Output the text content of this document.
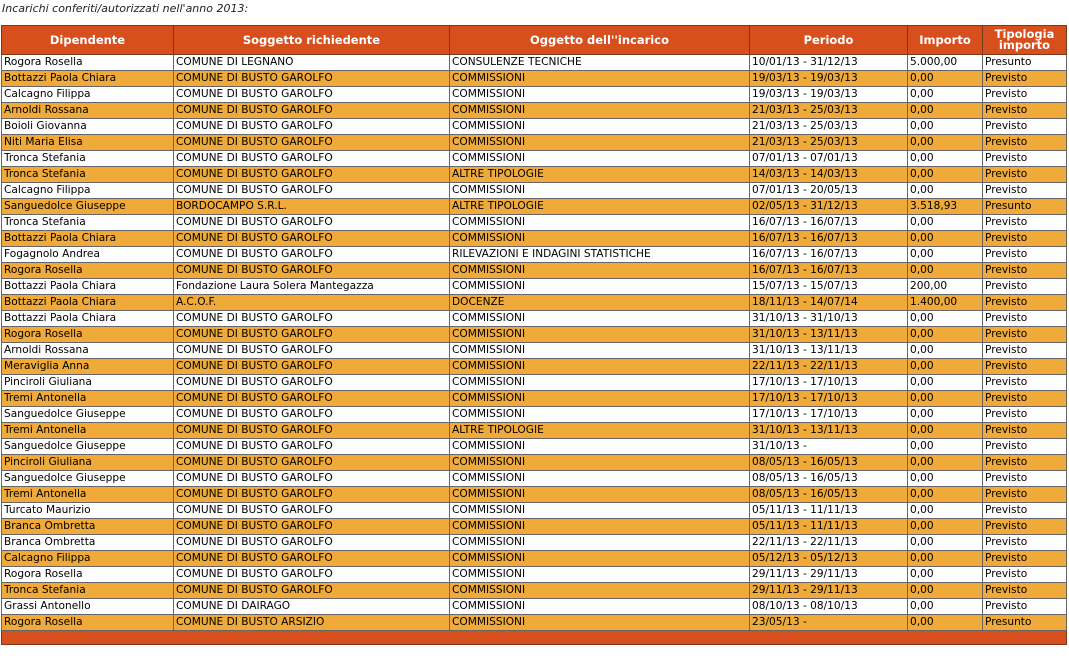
Incarichi conferiti/autorizzati nell'anno 2013:
Dipendente	Soggetto richiedente	Oggetto dell''incarico	Periodo	Importo	Tipologia importo
Rogora Rosella	COMUNE DI LEGNANO	CONSULENZE TECNICHE	10/01/13 - 31/12/13	5.000,00	Presunto
Bottazzi Paola Chiara	COMUNE DI BUSTO GAROLFO	COMMISSIONI	19/03/13 - 19/03/13	0,00	Previsto
Calcagno Filippa	COMUNE DI BUSTO GAROLFO	COMMISSIONI	19/03/13 - 19/03/13	0,00	Previsto
Arnoldi Rossana	COMUNE DI BUSTO GAROLFO	COMMISSIONI	21/03/13 - 25/03/13	0,00	Previsto
Boioli Giovanna	COMUNE DI BUSTO GAROLFO	COMMISSIONI	21/03/13 - 25/03/13	0,00	Previsto
Niti Maria Elisa	COMUNE DI BUSTO GAROLFO	COMMISSIONI	21/03/13 - 25/03/13	0,00	Previsto
Tronca Stefania	COMUNE DI BUSTO GAROLFO	COMMISSIONI	07/01/13 - 07/01/13	0,00	Previsto
Tronca Stefania	COMUNE DI BUSTO GAROLFO	ALTRE TIPOLOGIE	14/03/13 - 14/03/13	0,00	Previsto
Calcagno Filippa	COMUNE DI BUSTO GAROLFO	COMMISSIONI	07/01/13 - 20/05/13	0,00	Previsto
Sanguedolce Giuseppe	BORDOCAMPO S.R.L.	ALTRE TIPOLOGIE	02/05/13 - 31/12/13	3.518,93	Presunto
Tronca Stefania	COMUNE DI BUSTO GAROLFO	COMMISSIONI	16/07/13 - 16/07/13	0,00	Previsto
Bottazzi Paola Chiara	COMUNE DI BUSTO GAROLFO	COMMISSIONI	16/07/13 - 16/07/13	0,00	Previsto
Fogagnolo Andrea	COMUNE DI BUSTO GAROLFO	RILEVAZIONI E INDAGINI STATISTICHE	16/07/13 - 16/07/13	0,00	Previsto
Rogora Rosella	COMUNE DI BUSTO GAROLFO	COMMISSIONI	16/07/13 - 16/07/13	0,00	Previsto
Bottazzi Paola Chiara	Fondazione Laura Solera Mantegazza	COMMISSIONI	15/07/13 - 15/07/13	200,00	Previsto
Bottazzi Paola Chiara	A.C.O.F.	DOCENZE	18/11/13 - 14/07/14	1.400,00	Previsto
Bottazzi Paola Chiara	COMUNE DI BUSTO GAROLFO	COMMISSIONI	31/10/13 - 31/10/13	0,00	Previsto
Rogora Rosella	COMUNE DI BUSTO GAROLFO	COMMISSIONI	31/10/13 - 13/11/13	0,00	Previsto
Arnoldi Rossana	COMUNE DI BUSTO GAROLFO	COMMISSIONI	31/10/13 - 13/11/13	0,00	Previsto
Meraviglia Anna	COMUNE DI BUSTO GAROLFO	COMMISSIONI	22/11/13 - 22/11/13	0,00	Previsto
Pinciroli Giuliana	COMUNE DI BUSTO GAROLFO	COMMISSIONI	17/10/13 - 17/10/13	0,00	Previsto
Tremi Antonella	COMUNE DI BUSTO GAROLFO	COMMISSIONI	17/10/13 - 17/10/13	0,00	Previsto
Sanguedolce Giuseppe	COMUNE DI BUSTO GAROLFO	COMMISSIONI	17/10/13 - 17/10/13	0,00	Previsto
Tremi Antonella	COMUNE DI BUSTO GAROLFO	ALTRE TIPOLOGIE	31/10/13 - 13/11/13	0,00	Previsto
Sanguedolce Giuseppe	COMUNE DI BUSTO GAROLFO	COMMISSIONI	31/10/13 -	0,00	Previsto
Pinciroli Giuliana	COMUNE DI BUSTO GAROLFO	COMMISSIONI	08/05/13 - 16/05/13	0,00	Previsto
Sanguedolce Giuseppe	COMUNE DI BUSTO GAROLFO	COMMISSIONI	08/05/13 - 16/05/13	0,00	Previsto
Tremi Antonella	COMUNE DI BUSTO GAROLFO	COMMISSIONI	08/05/13 - 16/05/13	0,00	Previsto
Turcato Maurizio	COMUNE DI BUSTO GAROLFO	COMMISSIONI	05/11/13 - 11/11/13	0,00	Previsto
Branca Ombretta	COMUNE DI BUSTO GAROLFO	COMMISSIONI	05/11/13 - 11/11/13	0,00	Previsto
Branca Ombretta	COMUNE DI BUSTO GAROLFO	COMMISSIONI	22/11/13 - 22/11/13	0,00	Previsto
Calcagno Filippa	COMUNE DI BUSTO GAROLFO	COMMISSIONI	05/12/13 - 05/12/13	0,00	Previsto
Rogora Rosella	COMUNE DI BUSTO GAROLFO	COMMISSIONI	29/11/13 - 29/11/13	0,00	Previsto
Tronca Stefania	COMUNE DI BUSTO GAROLFO	COMMISSIONI	29/11/13 - 29/11/13	0,00	Previsto
Grassi Antonello	COMUNE DI DAIRAGO	COMMISSIONI	08/10/13 - 08/10/13	0,00	Previsto
Rogora Rosella	COMUNE DI BUSTO ARSIZIO	COMMISSIONI	23/05/13 -	0,00	Presunto
